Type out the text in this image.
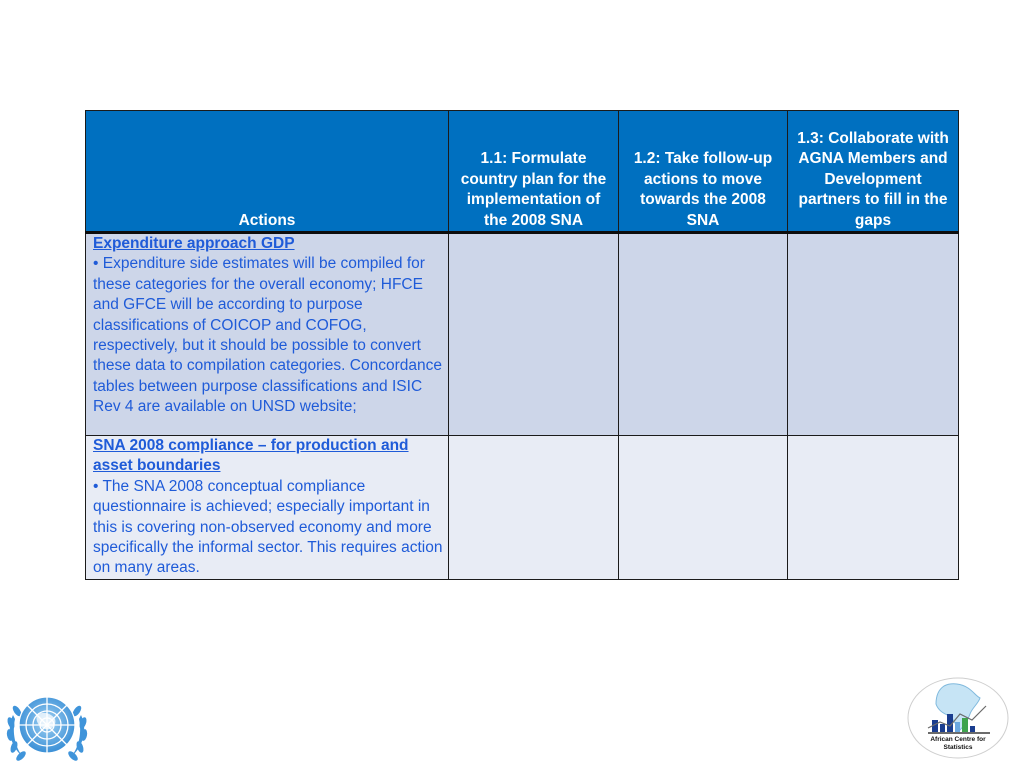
Actions	1.1: Formulate country plan for the implementation of the 2008 SNA	1.2: Take follow-up actions to move towards the 2008 SNA	1.3: Collaborate with AGNA Members and Development partners to fill in the gaps

Expenditure approach GDP
• Expenditure side estimates will be compiled for these categories for the overall economy; HFCE and GFCE will be according to purpose classifications of COICOP and COFOG, respectively, but it should be possible to convert these data to compilation categories. Concordance tables between purpose classifications and ISIC Rev 4 are available on UNSD website;			

SNA 2008 compliance – for production and asset boundaries
• The SNA 2008 conceptual compliance questionnaire is achieved; especially important in this is covering non-observed economy and more specifically the informal sector. This requires action on many areas.			
African Centre for
Statistics
